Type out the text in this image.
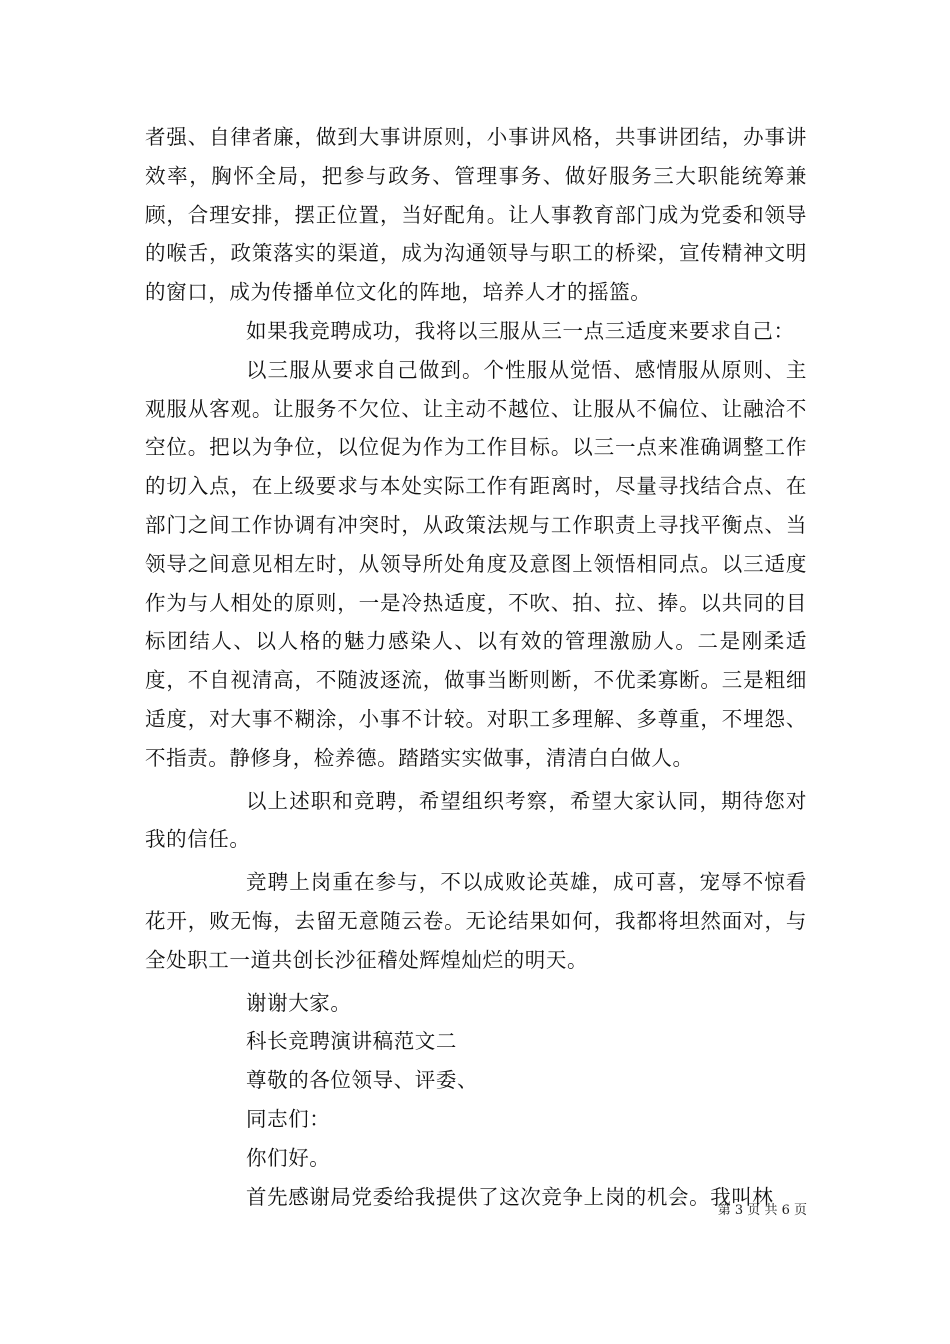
者强、自律者廉，做到大事讲原则，小事讲风格，共事讲团结，办事讲效率，胸怀全局，把参与政务、管理事务、做好服务三大职能统筹兼顾，合理安排，摆正位置，当好配角。让人事教育部门成为党委和领导的喉舌，政策落实的渠道，成为沟通领导与职工的桥梁，宣传精神文明的窗口，成为传播单位文化的阵地，培养人才的摇篮。

如果我竞聘成功，我将以三服从三一点三适度来要求自己：

以三服从要求自己做到。个性服从觉悟、感情服从原则、主观服从客观。让服务不欠位、让主动不越位、让服从不偏位、让融洽不空位。把以为争位，以位促为作为工作目标。以三一点来准确调整工作的切入点，在上级要求与本处实际工作有距离时，尽量寻找结合点、在部门之间工作协调有冲突时，从政策法规与工作职责上寻找平衡点、当领导之间意见相左时，从领导所处角度及意图上领悟相同点。以三适度作为与人相处的原则，一是冷热适度，不吹、拍、拉、捧。以共同的目标团结人、以人格的魅力感染人、以有效的管理激励人。二是刚柔适度，不自视清高，不随波逐流，做事当断则断，不优柔寡断。三是粗细适度，对大事不糊涂，小事不计较。对职工多理解、多尊重，不埋怨、不指责。静修身，检养德。踏踏实实做事，清清白白做人。

以上述职和竞聘，希望组织考察，希望大家认同，期待您对我的信任。

竞聘上岗重在参与，不以成败论英雄，成可喜，宠辱不惊看花开，败无悔，去留无意随云卷。无论结果如何，我都将坦然面对，与全处职工一道共创长沙征稽处辉煌灿烂的明天。

谢谢大家。

科长竞聘演讲稿范文二

尊敬的各位领导、评委、

同志们：

你们好。

首先感谢局党委给我提供了这次竞争上岗的机会。我叫林

第 3 页 共 6 页
